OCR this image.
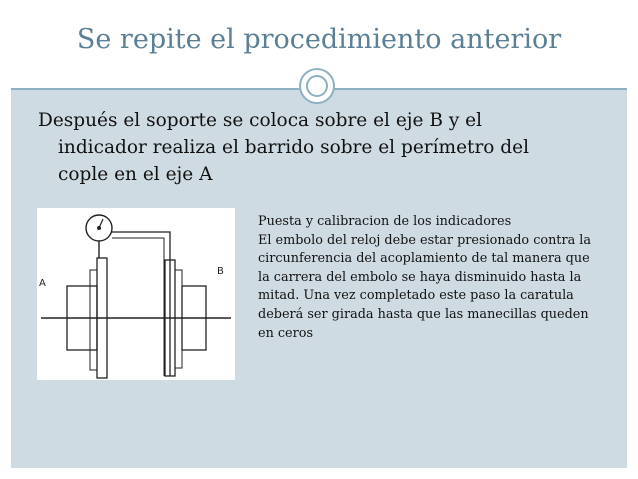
Se repite el procedimiento anterior
Después el soporte se coloca sobre el eje B y el
indicador realiza el barrido sobre el perímetro del
cople en el eje A
A
B
Puesta y calibracion de los indicadores
El embolo del reloj debe estar presionado contra la
circunferencia del acoplamiento de tal manera que
la carrera del embolo se haya disminuido hasta la
mitad. Una vez completado este paso la caratula
deberá ser girada hasta que las manecillas queden
en ceros
